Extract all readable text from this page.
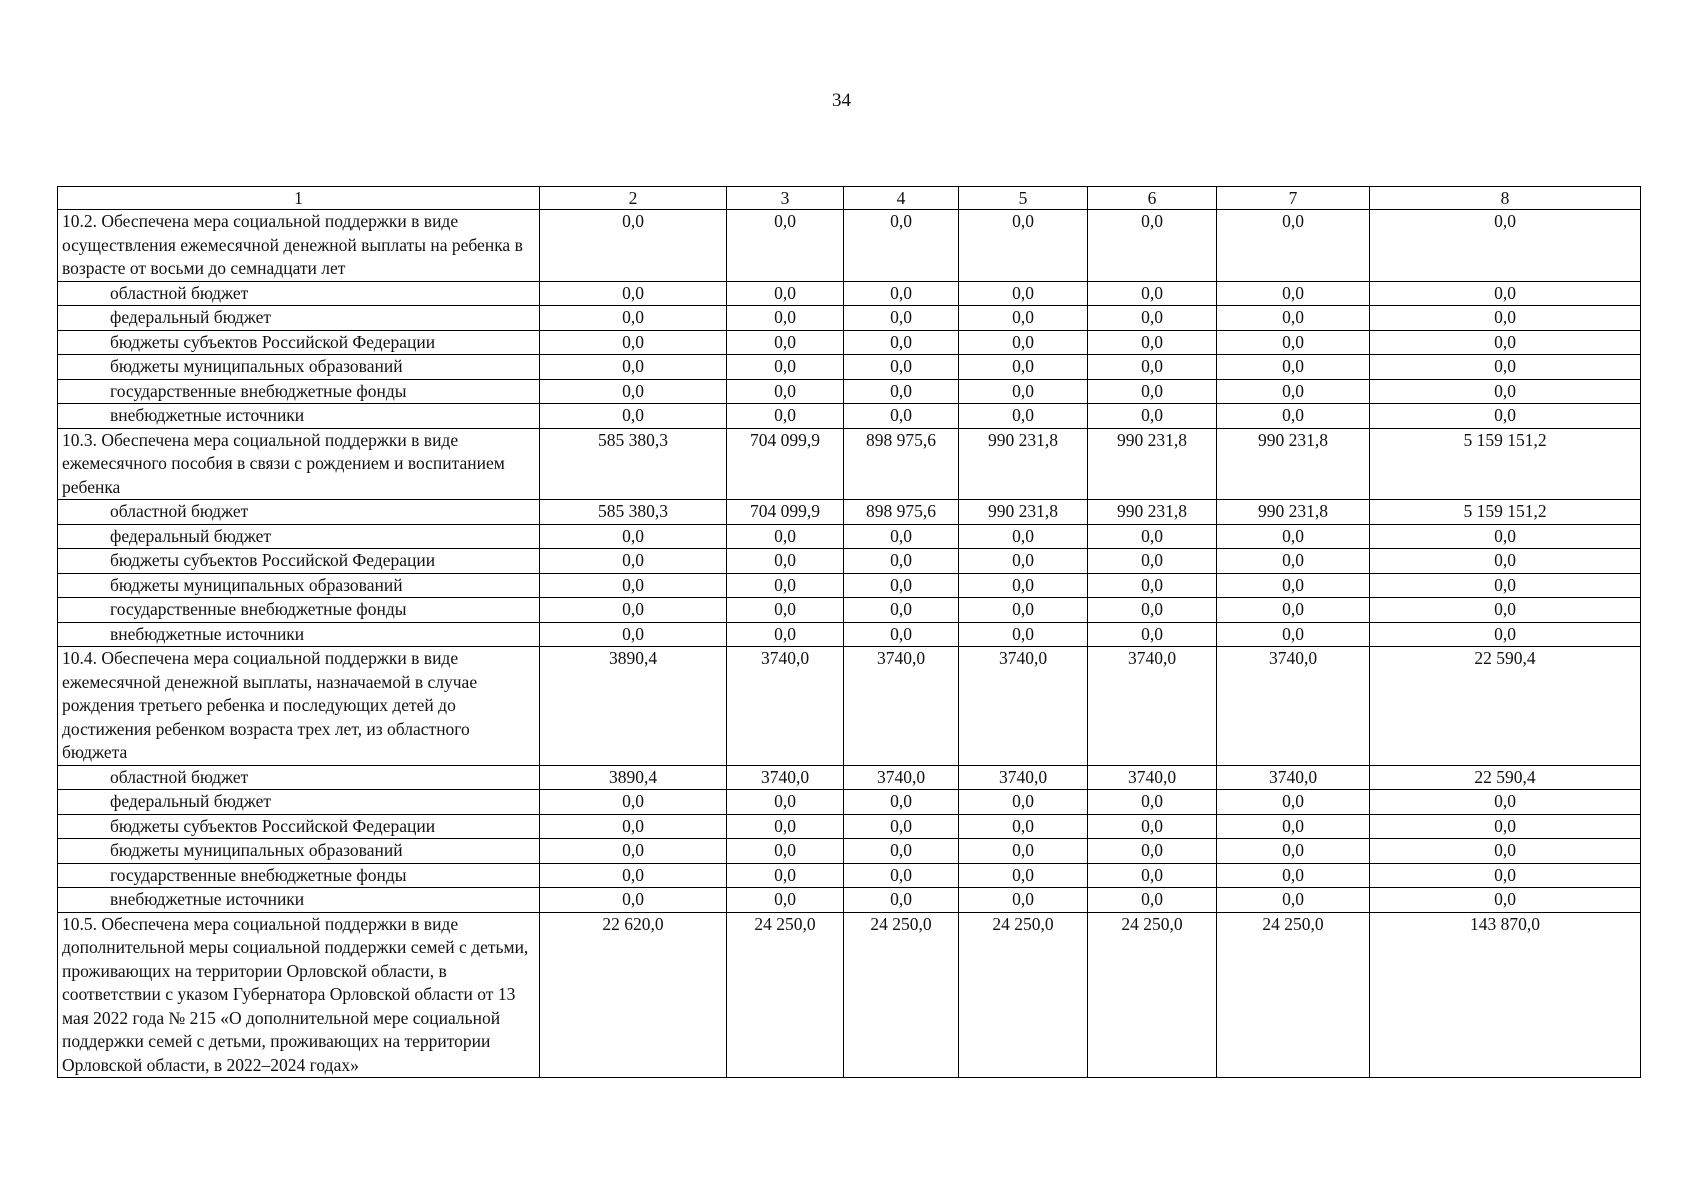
34
1	2	3	4	5	6	7	8
10.2. Обеспечена мера социальной поддержки в виде осуществления ежемесячной денежной выплаты на ребенка в возрасте от восьми до семнадцати лет	0,0	0,0	0,0	0,0	0,0	0,0	0,0
областной бюджет	0,0	0,0	0,0	0,0	0,0	0,0	0,0
федеральный бюджет	0,0	0,0	0,0	0,0	0,0	0,0	0,0
бюджеты субъектов Российской Федерации	0,0	0,0	0,0	0,0	0,0	0,0	0,0
бюджеты муниципальных образований	0,0	0,0	0,0	0,0	0,0	0,0	0,0
государственные внебюджетные фонды	0,0	0,0	0,0	0,0	0,0	0,0	0,0
внебюджетные источники	0,0	0,0	0,0	0,0	0,0	0,0	0,0
10.3. Обеспечена мера социальной поддержки в виде ежемесячного пособия в связи с рождением и воспитанием ребенка	585 380,3	704 099,9	898 975,6	990 231,8	990 231,8	990 231,8	5 159 151,2
областной бюджет	585 380,3	704 099,9	898 975,6	990 231,8	990 231,8	990 231,8	5 159 151,2
федеральный бюджет	0,0	0,0	0,0	0,0	0,0	0,0	0,0
бюджеты субъектов Российской Федерации	0,0	0,0	0,0	0,0	0,0	0,0	0,0
бюджеты муниципальных образований	0,0	0,0	0,0	0,0	0,0	0,0	0,0
государственные внебюджетные фонды	0,0	0,0	0,0	0,0	0,0	0,0	0,0
внебюджетные источники	0,0	0,0	0,0	0,0	0,0	0,0	0,0
10.4. Обеспечена мера социальной поддержки в виде ежемесячной денежной выплаты, назначаемой в случае рождения третьего ребенка и последующих детей до достижения ребенком возраста трех лет, из областного бюджета	3890,4	3740,0	3740,0	3740,0	3740,0	3740,0	22 590,4
областной бюджет	3890,4	3740,0	3740,0	3740,0	3740,0	3740,0	22 590,4
федеральный бюджет	0,0	0,0	0,0	0,0	0,0	0,0	0,0
бюджеты субъектов Российской Федерации	0,0	0,0	0,0	0,0	0,0	0,0	0,0
бюджеты муниципальных образований	0,0	0,0	0,0	0,0	0,0	0,0	0,0
государственные внебюджетные фонды	0,0	0,0	0,0	0,0	0,0	0,0	0,0
внебюджетные источники	0,0	0,0	0,0	0,0	0,0	0,0	0,0
10.5. Обеспечена мера социальной поддержки в виде дополнительной меры социальной поддержки семей с детьми, проживающих на территории Орловской области, в соответствии с указом Губернатора Орловской области от 13 мая 2022 года № 215 «О дополнительной мере социальной поддержки семей с детьми, проживающих на территории Орловской области, в 2022–2024 годах»	22 620,0	24 250,0	24 250,0	24 250,0	24 250,0	24 250,0	143 870,0
